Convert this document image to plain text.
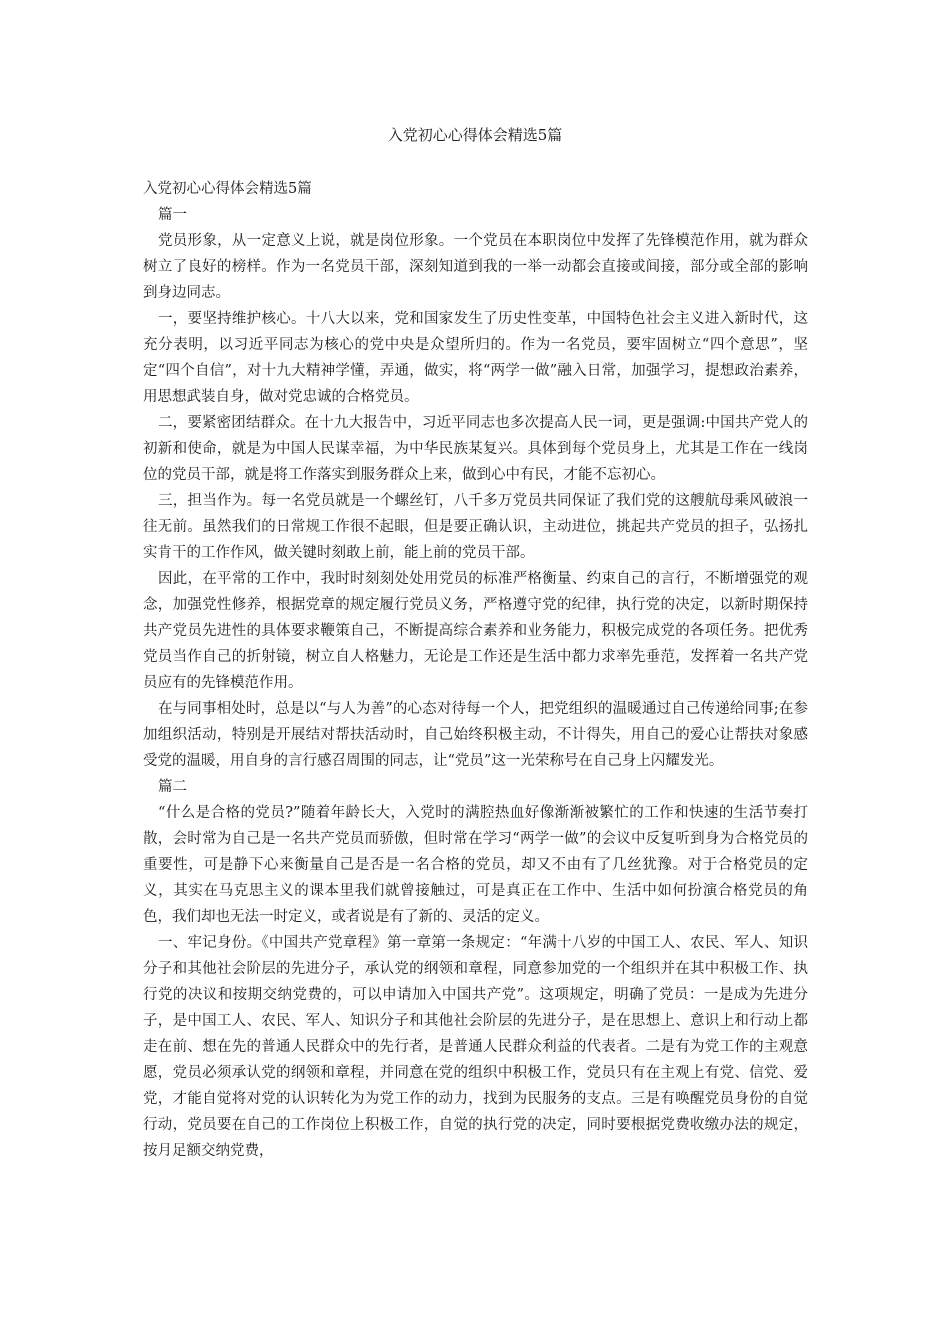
入党初心心得体会精选5篇

入党初心心得体会精选5篇

篇一

党员形象，从一定意义上说，就是岗位形象。一个党员在本职岗位中发挥了先锋模范作用，就为群众树立了良好的榜样。作为一名党员干部，深刻知道到我的一举一动都会直接或间接，部分或全部的影响到身边同志。

一，要坚持维护核心。十八大以来，党和国家发生了历史性变革，中国特色社会主义进入新时代，这充分表明，以习近平同志为核心的党中央是众望所归的。作为一名党员，要牢固树立“四个意思”，坚定“四个自信”，对十九大精神学懂，弄通，做实，将“两学一做”融入日常，加强学习，提想政治素养，用思想武装自身，做对党忠诚的合格党员。

二，要紧密团结群众。在十九大报告中，习近平同志也多次提高人民一词，更是强调:中国共产党人的初新和使命，就是为中国人民谋幸福，为中华民族某复兴。具体到每个党员身上，尤其是工作在一线岗位的党员干部，就是将工作落实到服务群众上来，做到心中有民，才能不忘初心。

三，担当作为。每一名党员就是一个螺丝钉，八千多万党员共同保证了我们党的这艘航母乘风破浪一往无前。虽然我们的日常规工作很不起眼，但是要正确认识，主动进位，挑起共产党员的担子，弘扬扎实肯干的工作作风，做关键时刻敢上前，能上前的党员干部。

因此，在平常的工作中，我时时刻刻处处用党员的标准严格衡量、约束自己的言行，不断增强党的观念，加强党性修养，根据党章的规定履行党员义务，严格遵守党的纪律，执行党的决定，以新时期保持共产党员先进性的具体要求鞭策自己，不断提高综合素养和业务能力，积极完成党的各项任务。把优秀党员当作自己的折射镜，树立自人格魅力，无论是工作还是生活中都力求率先垂范，发挥着一名共产党员应有的先锋模范作用。

在与同事相处时，总是以“与人为善”的心态对待每一个人，把党组织的温暖通过自己传递给同事;在参加组织活动，特别是开展结对帮扶活动时，自己始终积极主动，不计得失，用自己的爱心让帮扶对象感受党的温暖，用自身的言行感召周围的同志，让“党员”这一光荣称号在自己身上闪耀发光。

篇二

“什么是合格的党员?”随着年龄长大，入党时的满腔热血好像渐渐被繁忙的工作和快速的生活节奏打散，会时常为自己是一名共产党员而骄傲，但时常在学习“两学一做”的会议中反复听到身为合格党员的重要性，可是静下心来衡量自己是否是一名合格的党员，却又不由有了几丝犹豫。对于合格党员的定义，其实在马克思主义的课本里我们就曾接触过，可是真正在工作中、生活中如何扮演合格党员的角色，我们却也无法一时定义，或者说是有了新的、灵活的定义。

一、牢记身份。《中国共产党章程》第一章第一条规定：“年满十八岁的中国工人、农民、军人、知识分子和其他社会阶层的先进分子，承认党的纲领和章程，同意参加党的一个组织并在其中积极工作、执行党的决议和按期交纳党费的，可以申请加入中国共产党”。这项规定，明确了党员：一是成为先进分子，是中国工人、农民、军人、知识分子和其他社会阶层的先进分子，是在思想上、意识上和行动上都走在前、想在先的普通人民群众中的先行者，是普通人民群众利益的代表者。二是有为党工作的主观意愿，党员必须承认党的纲领和章程，并同意在党的组织中积极工作，党员只有在主观上有党、信党、爱党，才能自觉将对党的认识转化为为党工作的动力，找到为民服务的支点。三是有唤醒党员身份的自觉行动，党员要在自己的工作岗位上积极工作，自觉的执行党的决定，同时要根据党费收缴办法的规定，按月足额交纳党费，
